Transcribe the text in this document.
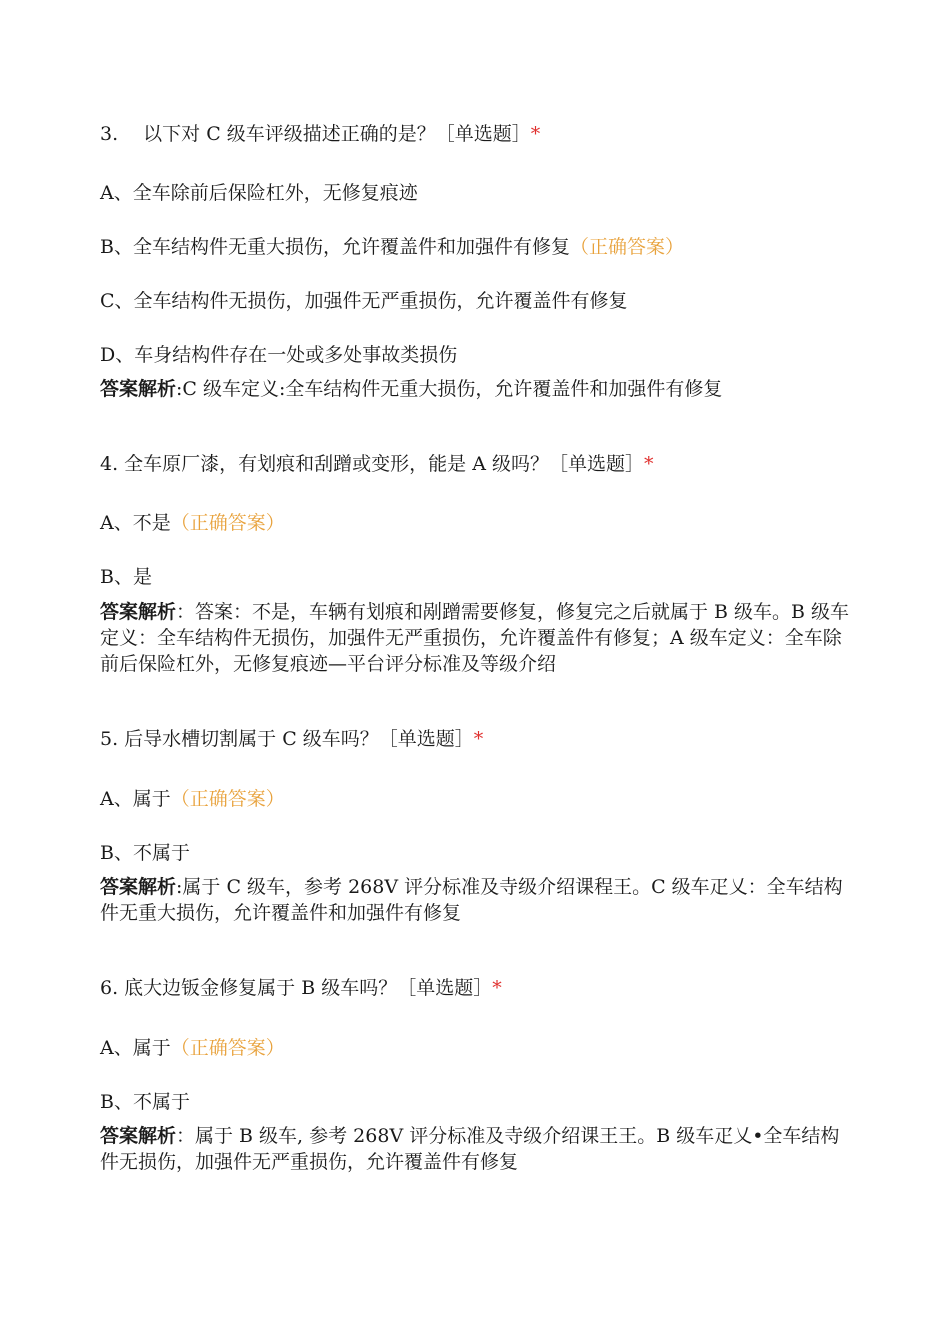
3.　 以下对 C 级车评级描述正确的是？［单选题］*
A、全车除前后保险杠外，无修复痕迹
B、全车结构件无重大损伤，允许覆盖件和加强件有修复（正确答案）
C、全车结构件无损伤，加强件无严重损伤，允许覆盖件有修复
D、车身结构件存在一处或多处事故类损伤
答案解析:C 级车定义:全车结构件无重大损伤，允许覆盖件和加强件有修复
4. 全车原厂漆，有划痕和刮蹭或变形，能是 A 级吗？［单选题］*
A、不是（正确答案）
B、是
答案解析：答案：不是，车辆有划痕和剐蹭需要修复，修复完之后就属于 B 级车。B 级车定义：全车结构件无损伤，加强件无严重损伤，允许覆盖件有修复；A 级车定义：全车除前后保险杠外，无修复痕迹—平台评分标准及等级介绍
5. 后导水槽切割属于 C 级车吗？［单选题］*
A、属于（正确答案）
B、不属于
答案解析:属于 C 级车，参考 268V 评分标准及寺级介绍课程王。C 级车疋乂：全车结构件无重大损伤，允许覆盖件和加强件有修复
6. 底大边钣金修复属于 B 级车吗？［单选题］*
A、属于（正确答案）
B、不属于
答案解析：属于 B 级车, 参考 268V 评分标准及寺级介绍课王王。B 级车疋乂•全车结构件无损伤，加强件无严重损伤，允许覆盖件有修复
